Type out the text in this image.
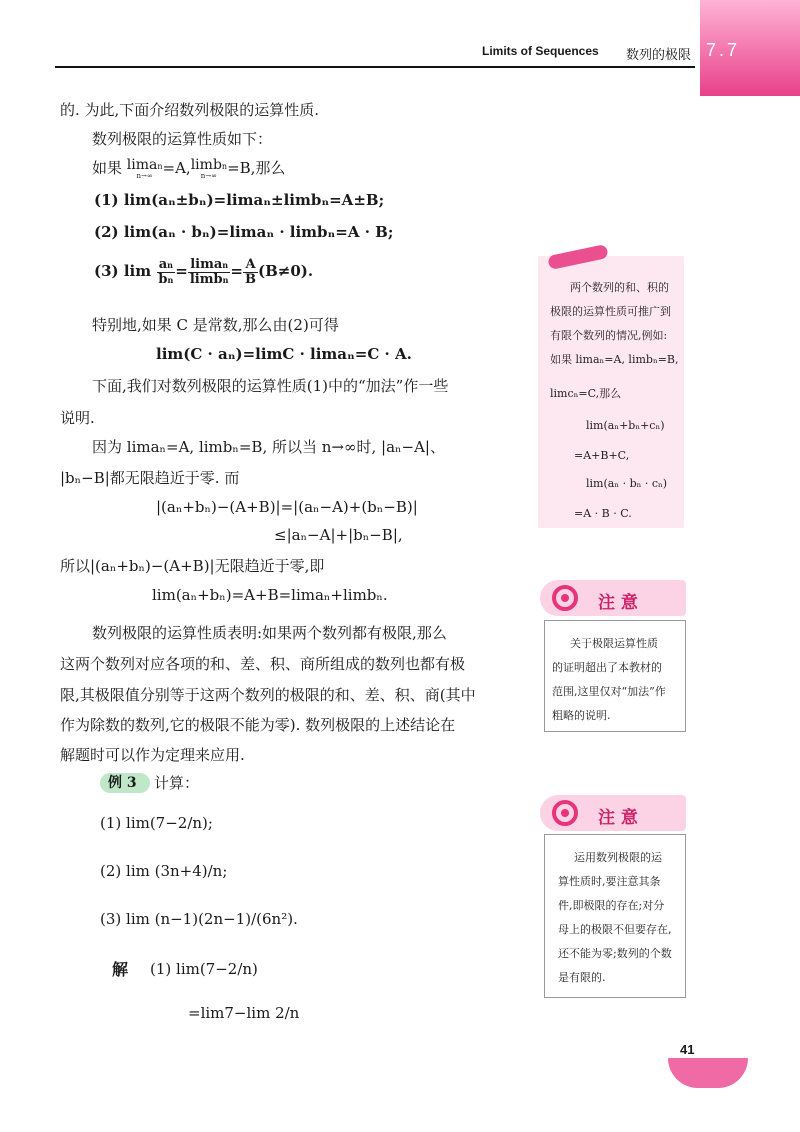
7.7
Limits of Sequences 数列的极限
的. 为此,下面介绍数列极限的运算性质.
数列极限的运算性质如下：
如果 liman
n→∞ =A, limbn
n→∞ =B,那么
(1) lim(aₙ±bₙ)=limaₙ±limbₙ=A±B;
(2) lim(aₙ · bₙ)=limaₙ · limbₙ=A · B;
(3) $\lim \frac{an}{bn} = \frac{\text{liman}}{\text{limbn}} = \frac{A}{B} (B\ne 0)$.
特别地,如果 C 是常数,那么由(2)可得
lim(C · aₙ)=limC · limaₙ=C · A.
下面,我们对数列极限的运算性质(1)中的“加法”作一些
说明.
因为 limaₙ=A, limbₙ=B, 所以当 n→∞时, |aₙ−A|、
|bₙ−B|都无限趋近于零. 而
|(aₙ+bₙ)−(A+B)|=|(aₙ−A)+(bₙ−B)|
≤|aₙ−A|+|bₙ−B|,
所以|(aₙ+bₙ)−(A+B)|无限趋近于零,即
lim(aₙ+bₙ)=A+B=limaₙ+limbₙ.
数列极限的运算性质表明:如果两个数列都有极限,那么
这两个数列对应各项的和、差、积、商所组成的数列也都有极
限,其极限值分别等于这两个数列的极限的和、差、积、商(其中
作为除数的数列,它的极限不能为零). 数列极限的上述结论在
解题时可以作为定理来应用.
例 3 计算：
(1) lim(7−2/n);
(2) lim (3n+4)/n;
(3) lim (n−1)(2n−1)/(6n²).
解 (1) lim(7−2/n)
=lim7−lim 2/n
两个数列的和、积的
极限的运算性质可推广到
有限个数列的情况,例如:
如果 limaₙ=A, limbₙ=B,
limcₙ=C,那么
lim(aₙ+bₙ+cₙ)
=A+B+C,
lim(aₙ · bₙ · cₙ)
=A · B · C.
注 意
关于极限运算性质
的证明超出了本教材的
范围,这里仅对“加法”作
粗略的说明.
注 意
运用数列极限的运
算性质时,要注意其条
件,即极限的存在;对分
母上的极限不但要存在,
还不能为零;数列的个数
是有限的.
41
